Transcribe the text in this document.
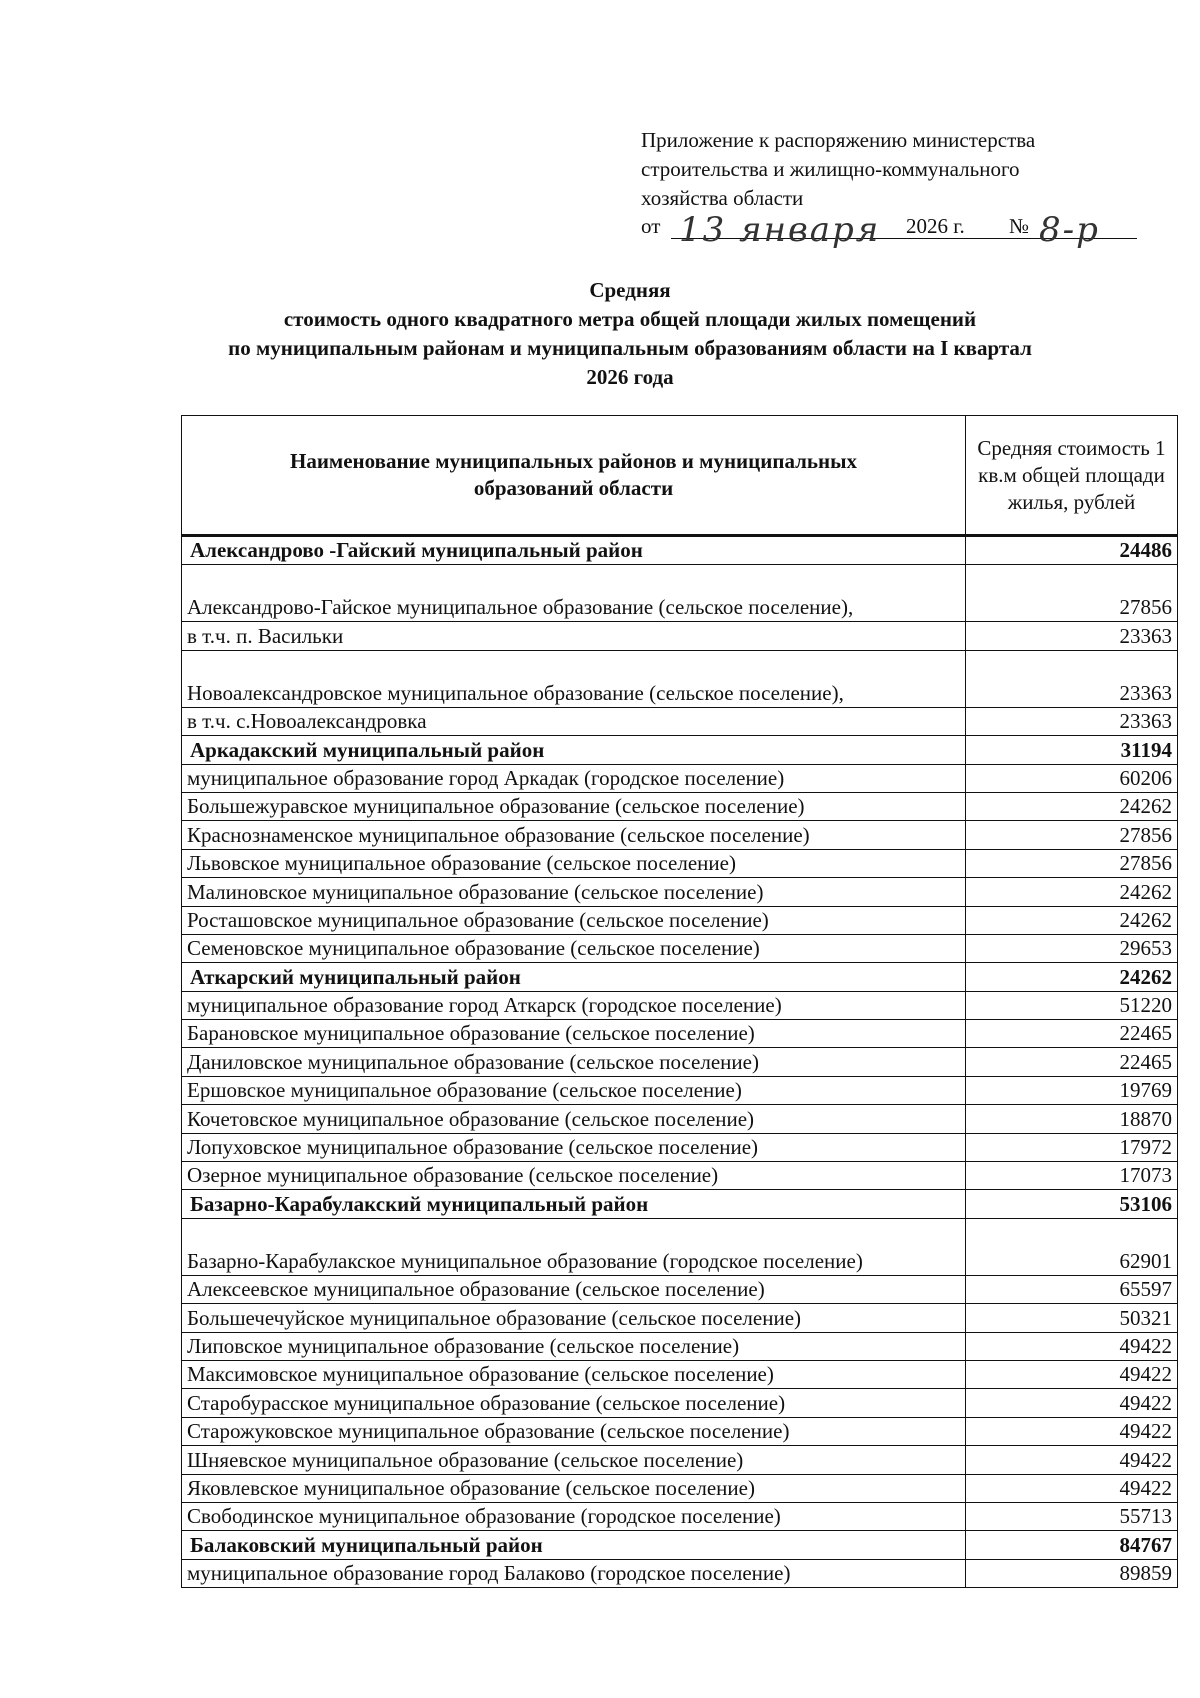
Приложение к распоряжению министерства
строительства и жилищно-коммунального
хозяйства области
от 13 января 2026 г. № 8-р
Средняя
стоимость одного квадратного метра общей площади жилых помещений
по муниципальным районам и муниципальным образованиям области на I квартал
2026 года
Наименование муниципальных районов и муниципальных образований области	Средняя стоимость 1 кв.м общей площади жилья, рублей
Александрово -Гайский муниципальный район	24486
Александрово-Гайское муниципальное образование (сельское поселение),	27856
в т.ч. п. Васильки	23363
Новоалександровское муниципальное образование (сельское поселение),	23363
в т.ч. с.Новоалександровка	23363
Аркадакский муниципальный район	31194
муниципальное образование город Аркадак (городское поселение)	60206
Большежуравское муниципальное образование (сельское поселение)	24262
Краснознаменское муниципальное образование (сельское поселение)	27856
Львовское муниципальное образование (сельское поселение)	27856
Малиновское муниципальное образование (сельское поселение)	24262
Росташовское муниципальное образование (сельское поселение)	24262
Семеновское муниципальное образование (сельское поселение)	29653
Аткарский муниципальный район	24262
муниципальное образование город Аткарск (городское поселение)	51220
Барановское муниципальное образование (сельское поселение)	22465
Даниловское муниципальное образование (сельское поселение)	22465
Ершовское муниципальное образование (сельское поселение)	19769
Кочетовское муниципальное образование (сельское поселение)	18870
Лопуховское муниципальное образование (сельское поселение)	17972
Озерное муниципальное образование (сельское поселение)	17073
Базарно-Карабулакский муниципальный район	53106
Базарно-Карабулакское муниципальное образование (городское поселение)	62901
Алексеевское муниципальное образование (сельское поселение)	65597
Большечечуйское муниципальное образование (сельское поселение)	50321
Липовское муниципальное образование (сельское поселение)	49422
Максимовское муниципальное образование (сельское поселение)	49422
Старобурасское муниципальное образование (сельское поселение)	49422
Старожуковское муниципальное образование (сельское поселение)	49422
Шняевское муниципальное образование (сельское поселение)	49422
Яковлевское муниципальное образование (сельское поселение)	49422
Свободинское муниципальное образование (городское поселение)	55713
Балаковский муниципальный район	84767
муниципальное образование город Балаково (городское поселение)	89859
